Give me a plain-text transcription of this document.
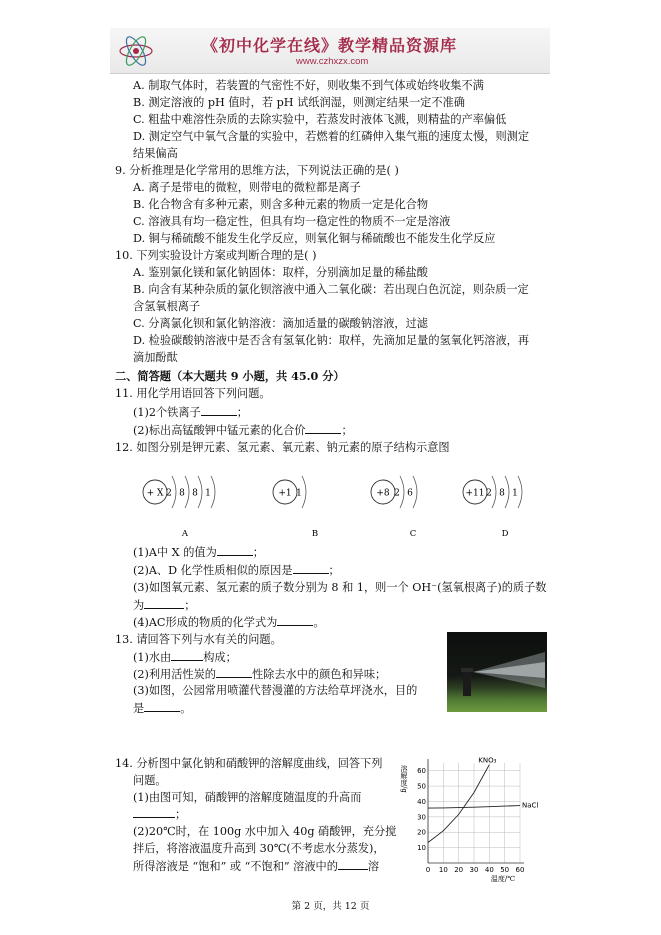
《初中化学在线》教学精品资源库
www.czhxzx.com
A. 制取气体时，若装置的气密性不好，则收集不到气体或始终收集不满
B. 测定溶液的 pH 值时，若 pH 试纸润湿，则测定结果一定不准确
C. 粗盐中难溶性杂质的去除实验中，若蒸发时液体飞溅，则精盐的产率偏低
D. 测定空气中氧气含量的实验中，若燃着的红磷伸入集气瓶的速度太慢，则测定
结果偏高
9. 分析推理是化学常用的思维方法，下列说法正确的是( )
A. 离子是带电的微粒，则带电的微粒都是离子
B. 化合物含有多种元素，则含多种元素的物质一定是化合物
C. 溶液具有均一稳定性，但具有均一稳定性的物质不一定是溶液
D. 铜与稀硫酸不能发生化学反应，则氧化铜与稀硫酸也不能发生化学反应
10. 下列实验设计方案或判断合理的是( )
A. 鉴别氯化镁和氯化钠固体：取样，分别滴加足量的稀盐酸
B. 向含有某种杂质的氯化钡溶液中通入二氧化碳：若出现白色沉淀，则杂质一定
含氢氧根离子
C. 分离氯化钡和氯化钠溶液：滴加适量的碳酸钠溶液，过滤
D. 检验碳酸钠溶液中是否含有氢氧化钠：取样，先滴加足量的氢氧化钙溶液，再
滴加酚酞
二、简答题（本大题共 9 小题，共 45.0 分）
11. 用化学用语回答下列问题。
(1)2个铁离子	；
(2)标出高锰酸钾中锰元素的化合价	；
12. 如图分别是钾元素、氢元素、氧元素、钠元素的原子结构示意图
(1)A中 X 的值为	；
(2)A、D 化学性质相似的原因是	；
(3)如图氧元素、氢元素的质子数分别为 8 和 1，则一个 OH⁻(氢氧根离子)的质子数
为	；
(4)AC形成的物质的化学式为	。
13. 请回答下列与水有关的问题。
(1)水由	构成；
(2)利用活性炭的	性除去水中的颜色和异味；
(3)如图，公园常用喷灌代替漫灌的方法给草坪浇水，目的
是	。
14. 分析图中氯化钠和硝酸钾的溶解度曲线，回答下列
问题。
(1)由图可知，硝酸钾的溶解度随温度的升高而
；
(2)20℃时，在 100g 水中加入 40g 硝酸钾，充分搅
拌后，将溶液温度升高到 30℃(不考虑水分蒸发)，
所得溶液是 “饱和” 或 “不饱和” 溶液中的	溶
+ X 2 8 8 1
A
+1 1
B
+8 2 6
C
+11 2 8 1
D
0 10 20 30 40 50 60
10
20
30
40
50
60
溶解度/g
温度/℃
KNO₃
NaCl
第 2 页，共 12 页
